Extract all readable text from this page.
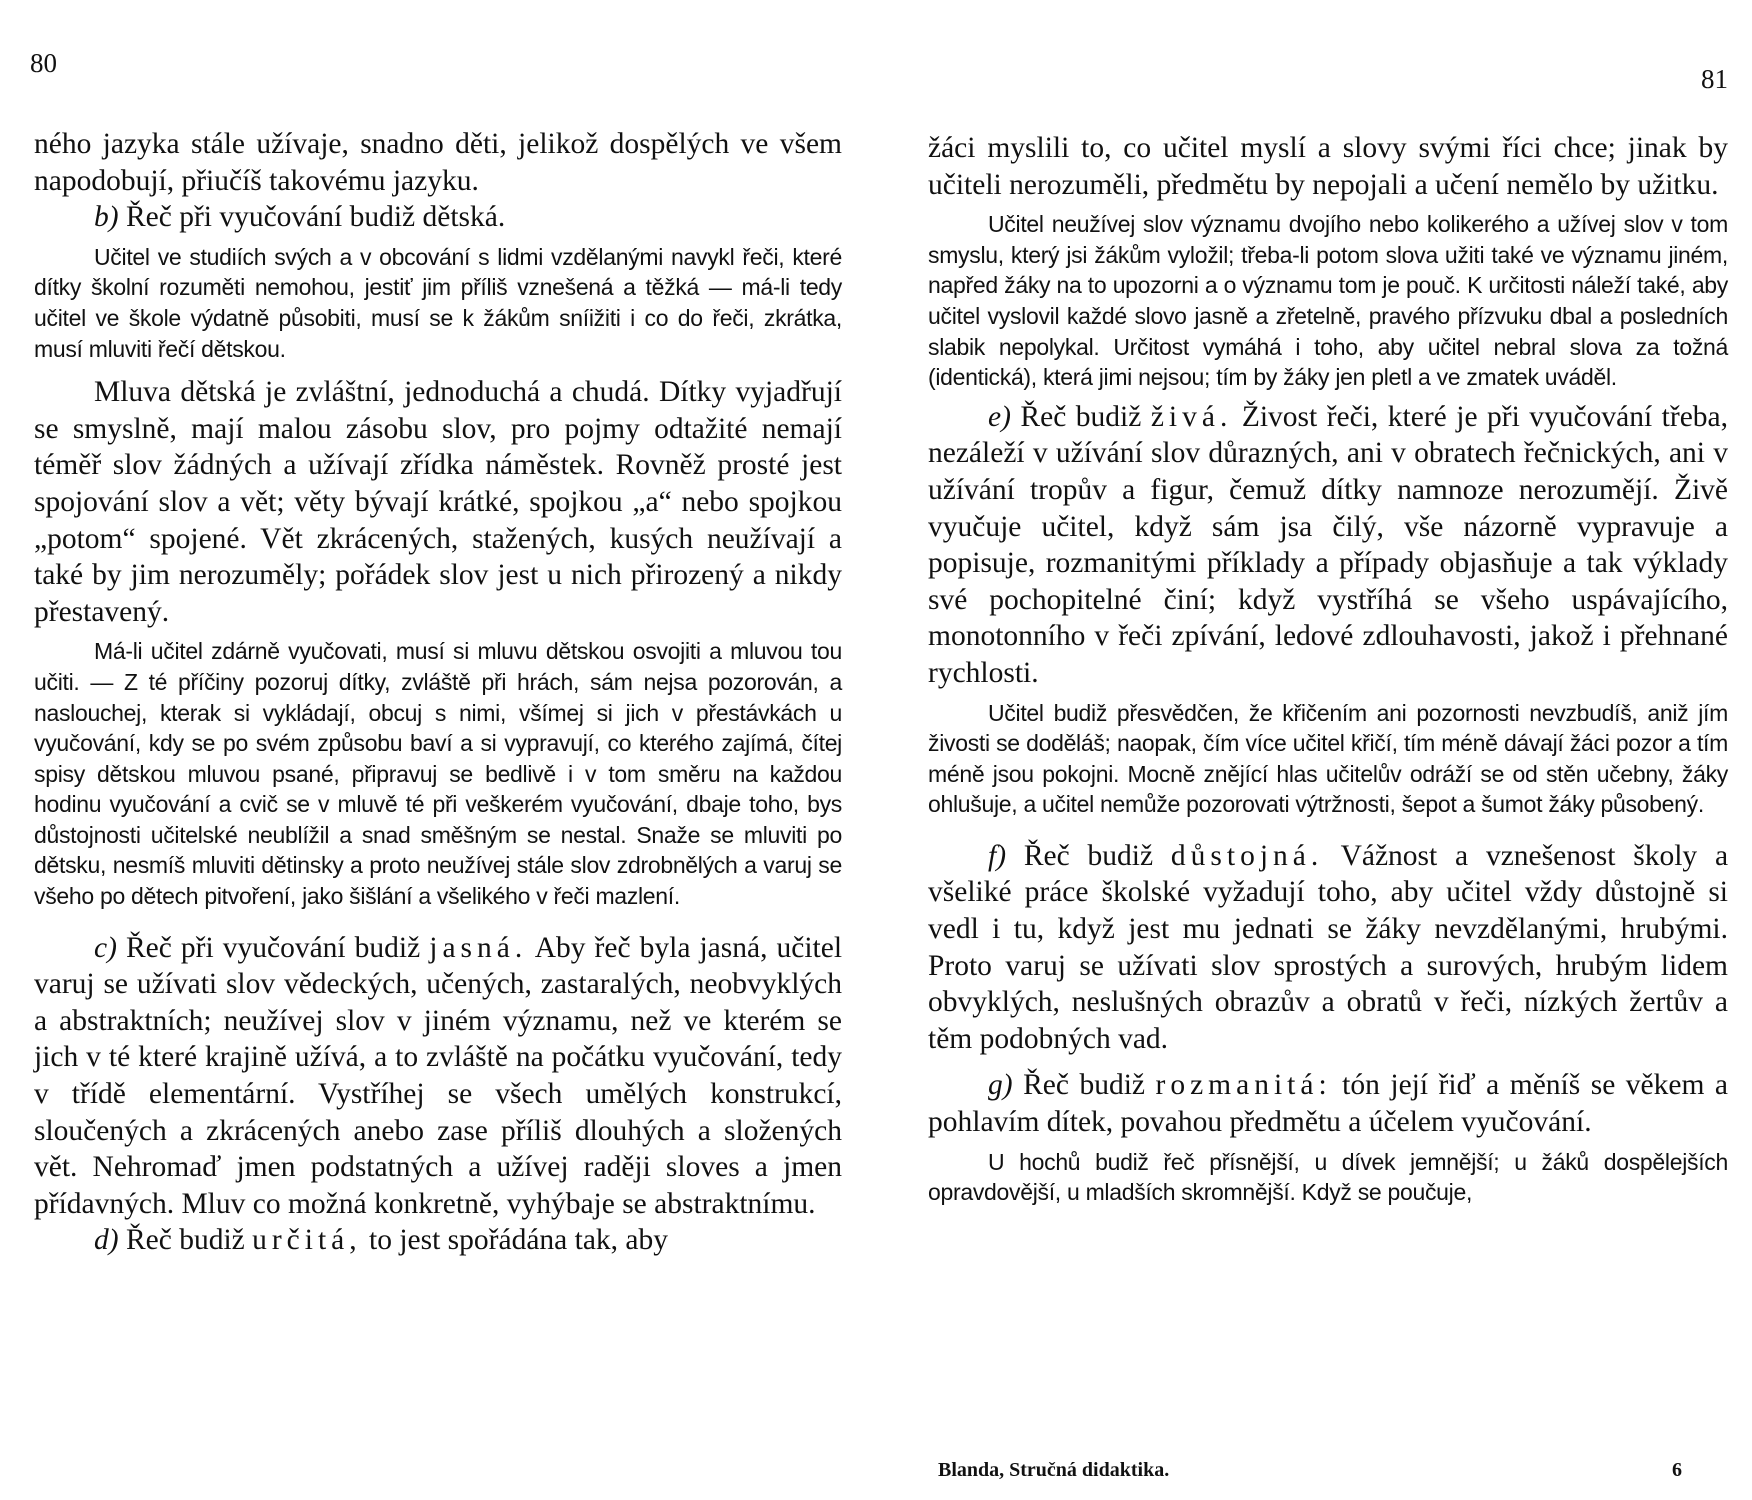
80

ného jazyka stále užívaje, snadno děti, jelikož dospělých ve všem napodobují, přiučíš takovému jazyku.

b) Řeč při vyučování budiž dětská.

Učitel ve studiích svých a v obcování s lidmi vzdělanými navykl řeči, které dítky školní rozuměti nemohou, jestiť jim příliš vznešená a těžká — má-li tedy učitel ve škole výdatně působiti, musí se k žákům sníižiti i co do řeči, zkrátka, musí mluviti řečí dětskou.

Mluva dětská je zvláštní, jednoduchá a chudá. Dítky vyjadřují se smyslně, mají malou zásobu slov, pro pojmy odtažité nemají téměř slov žádných a užívají zřídka náměstek. Rovněž prosté jest spojování slov a vět; věty bývají krátké, spojkou „a“ nebo spojkou „potom“ spojené. Vět zkrácených, stažených, kusých neužívají a také by jim nerozuměly; pořádek slov jest u nich přirozený a nikdy přestavený.

Má-li učitel zdárně vyučovati, musí si mluvu dětskou osvojiti a mluvou tou učiti. — Z té příčiny pozoruj dítky, zvláště při hrách, sám nejsa pozorován, a naslouchej, kterak si vykládají, obcuj s nimi, všímej si jich v přestávkách u vyučování, kdy se po svém způsobu baví a si vypravují, co kterého zajímá, čítej spisy dětskou mluvou psané, připravuj se bedlivě i v tom směru na každou hodinu vyučování a cvič se v mluvě té při veškerém vyučování, dbaje toho, bys důstojnosti učitelské neublížil a snad směšným se nestal. Snaže se mluviti po dětsku, nesmíš mluviti dětinsky a proto neužívej stále slov zdrobnělých a varuj se všeho po dětech pitvoření, jako šišlání a všelikého v řeči mazlení.

c) Řeč při vyučování budiž jasná. Aby řeč byla jasná, učitel varuj se užívati slov vědeckých, učených, zastaralých, neobvyklých a abstraktních; neužívej slov v jiném významu, než ve kterém se jich v té které krajině užívá, a to zvláště na počátku vyučování, tedy v třídě elementární. Vystříhej se všech umělých konstrukcí, sloučených a zkrácených anebo zase příliš dlouhých a složených vět. Nehromaď jmen podstatných a užívej raději sloves a jmen přídavných. Mluv co možná konkretně, vyhýbaje se abstraktnímu.

d) Řeč budiž určitá, to jest spořádána tak, aby

81

žáci myslili to, co učitel myslí a slovy svými říci chce; jinak by učiteli nerozuměli, předmětu by nepojali a učení nemělo by užitku.

Učitel neužívej slov významu dvojího nebo kolikerého a užívej slov v tom smyslu, který jsi žákům vyložil; třeba-li potom slova užiti také ve významu jiném, napřed žáky na to upozorni a o významu tom je pouč. K určitosti náleží také, aby učitel vyslovil každé slovo jasně a zřetelně, pravého přízvuku dbal a posledních slabik nepolykal. Určitost vymáhá i toho, aby učitel nebral slova za tožná (identická), která jimi nejsou; tím by žáky jen pletl a ve zmatek uváděl.

e) Řeč budiž živá. Živost řeči, které je při vyučování třeba, nezáleží v užívání slov důrazných, ani v obratech řečnických, ani v užívání tropův a figur, čemuž dítky namnoze nerozumějí. Živě vyučuje učitel, když sám jsa čilý, vše názorně vypravuje a popisuje, rozmanitými příklady a případy objasňuje a tak výklady své pochopitelné činí; když vystříhá se všeho uspávajícího, monotonního v řeči zpívání, ledové zdlouhavosti, jakož i přehnané rychlosti.

Učitel budiž přesvědčen, že křičením ani pozornosti nevzbudíš, aniž jím živosti se doděláš; naopak, čím více učitel křičí, tím méně dávají žáci pozor a tím méně jsou pokojni. Mocně znějící hlas učitelův odráží se od stěn učebny, žáky ohlušuje, a učitel nemůže pozorovati výtržnosti, šepot a šumot žáky působený.

f) Řeč budiž důstojná. Vážnost a vznešenost školy a všeliké práce školské vyžadují toho, aby učitel vždy důstojně si vedl i tu, když jest mu jednati se žáky nevzdělanými, hrubými. Proto varuj se užívati slov sprostých a surových, hrubým lidem obvyklých, neslušných obrazův a obratů v řeči, nízkých žertův a těm podobných vad.

g) Řeč budiž rozmanitá: tón její řiď a měníš se věkem a pohlavím dítek, povahou předmětu a účelem vyučování.

U hochů budiž řeč přísnější, u dívek jemnější; u žáků dospělejších opravdovější, u mladších skromnější. Když se poučuje,

Blanda, Stručná didaktika.	6
